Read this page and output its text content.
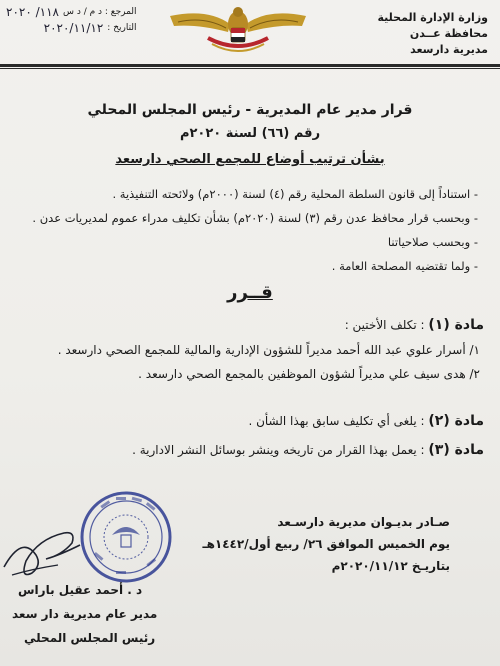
وزارة الإدارة المحلية
محافظة عــدن
مديرية دارسعد
المرجع : د م / د س
١١٨/ ٢٠٢٠
التاريخ :
٢٠٢٠/١١/١٢
قرار مدير عام المديرية - رئيس المجلس المحلي
رقم (٦٦) لسنة ٢٠٢٠م
بشأن ترتيب أوضاع للمجمع الصحي دارسعد
- استناداً إلى قانون السلطة المحلية رقم (٤) لسنة (٢٠٠٠م) ولائحته التنفيذية .
- وبحسب قرار محافظ عدن رقم (٣) لسنة (٢٠٢٠م) بشأن تكليف مدراء عموم لمديريات عدن .
- وبحسب صلاحياتنا
- ولما تقتضيه المصلحة العامة .
قــرر
مادة (١) : تكلف الأختين :
١/ أسرار علوي عبد الله أحمد مديراً للشؤون الإدارية والمالية للمجمع الصحي دارسعد .
٢/ هدى سيف علي مديراً لشؤون الموظفين بالمجمع الصحي دارسعد .
مادة (٢) : يلغى أي تكليف سابق بهذا الشأن .
مادة (٣) : يعمل بهذا القرار من تاريخه وينشر بوسائل النشر الادارية .
صـادر بديـوان مديرية دارسـعد
يوم الخميس الموافق ٢٦/ ربيع أول/١٤٤٢هـ
بتاريـخ ٢٠٢٠/١١/١٢م
د . أحمد عقيل باراس
مدير عام مديرية دار سعد
رئيس المجلس المحلي
